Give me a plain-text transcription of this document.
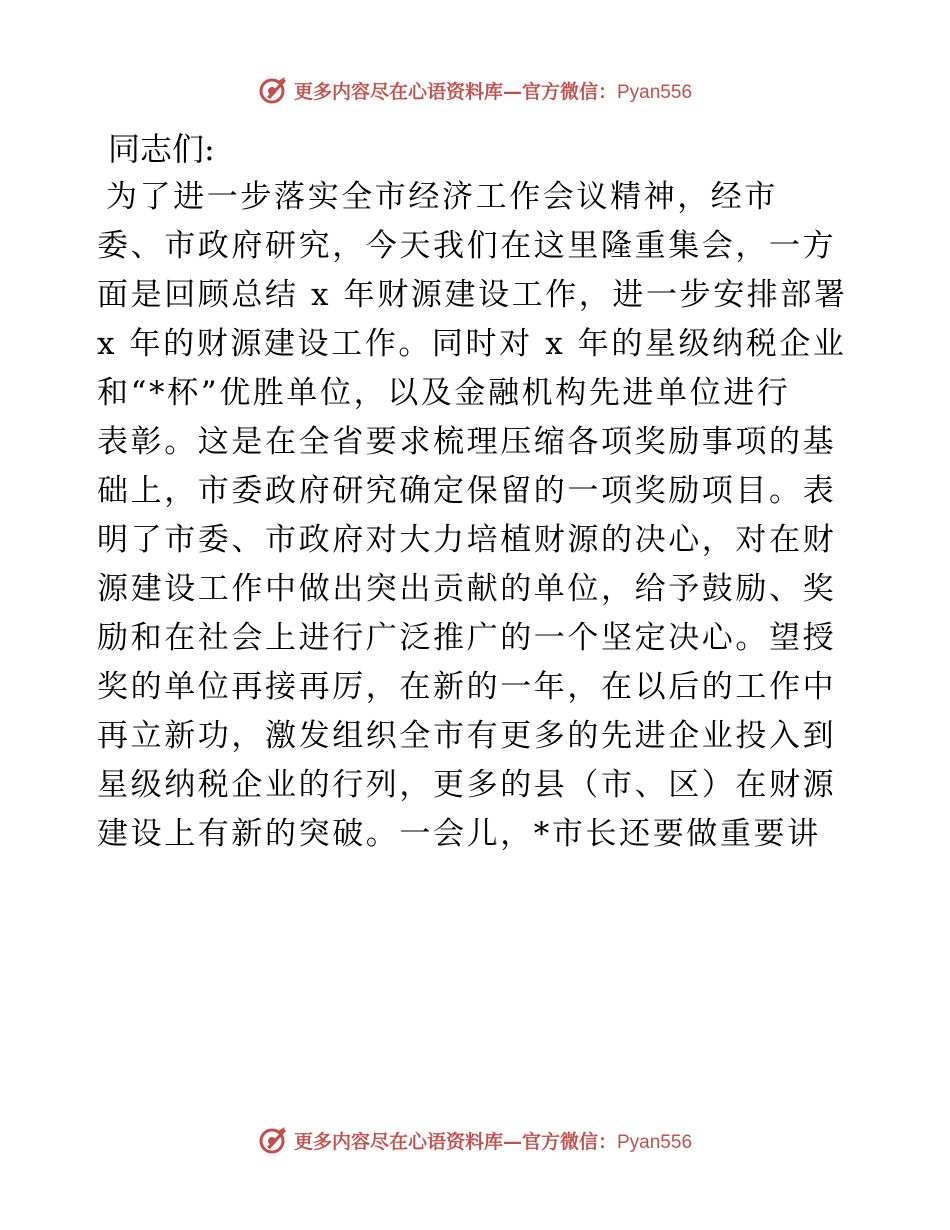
更多内容尽在心语资料库—官方微信：Pyan556
同志们:
为了进一步落实全市经济工作会议精神，经市
委、市政府研究，今天我们在这里隆重集会，一方
面是回顾总结 x 年财源建设工作，进一步安排部署
x 年的财源建设工作。同时对 x 年的星级纳税企业
和“*杯”优胜单位，以及金融机构先进单位进行
表彰。这是在全省要求梳理压缩各项奖励事项的基
础上，市委政府研究确定保留的一项奖励项目。表
明了市委、市政府对大力培植财源的决心，对在财
源建设工作中做出突出贡献的单位，给予鼓励、奖
励和在社会上进行广泛推广的一个坚定决心。望授
奖的单位再接再厉，在新的一年，在以后的工作中
再立新功，激发组织全市有更多的先进企业投入到
星级纳税企业的行列，更多的县（市、区）在财源
建设上有新的突破。一会儿，*市长还要做重要讲
更多内容尽在心语资料库—官方微信：Pyan556
